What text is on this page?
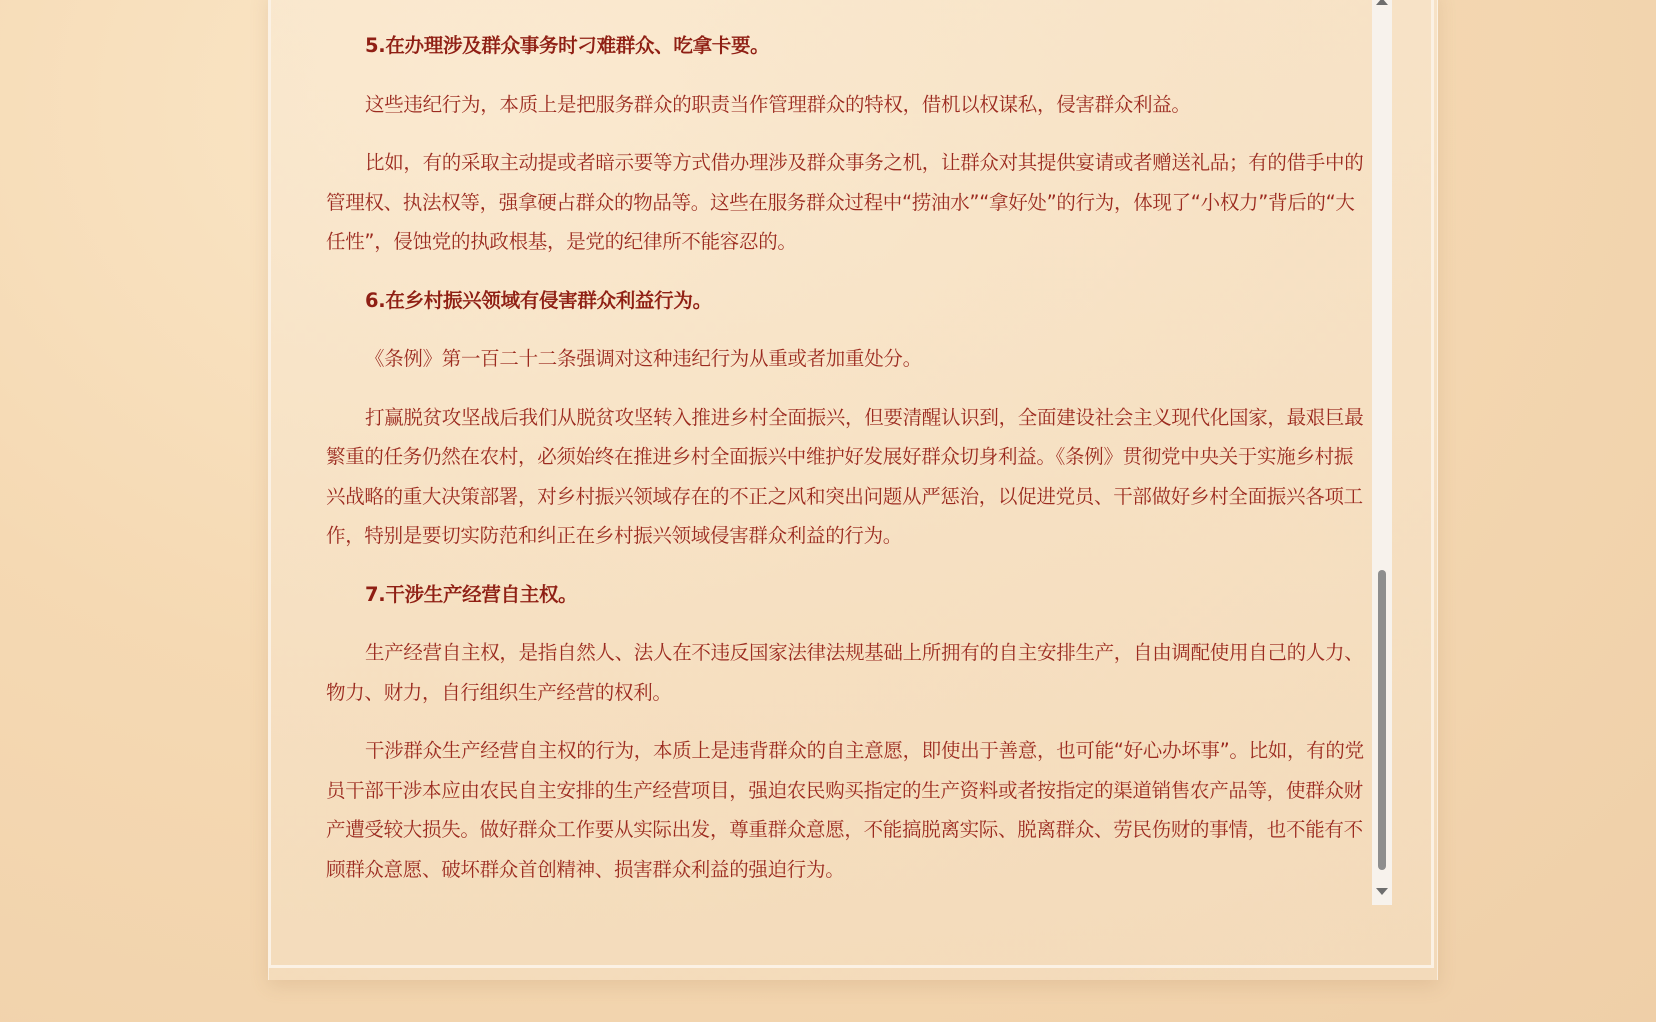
5.在办理涉及群众事务时刁难群众、吃拿卡要。

这些违纪行为，本质上是把服务群众的职责当作管理群众的特权，借机以权谋私，侵害群众利益。

比如，有的采取主动提或者暗示要等方式借办理涉及群众事务之机，让群众对其提供宴请或者赠送礼品；有的借手中的管理权、执法权等，强拿硬占群众的物品等。这些在服务群众过程中“捞油水”“拿好处”的行为，体现了“小权力”背后的“大任性”，侵蚀党的执政根基，是党的纪律所不能容忍的。

6.在乡村振兴领域有侵害群众利益行为。

《条例》第一百二十二条强调对这种违纪行为从重或者加重处分。

打赢脱贫攻坚战后我们从脱贫攻坚转入推进乡村全面振兴，但要清醒认识到，全面建设社会主义现代化国家，最艰巨最繁重的任务仍然在农村，必须始终在推进乡村全面振兴中维护好发展好群众切身利益。《条例》贯彻党中央关于实施乡村振兴战略的重大决策部署，对乡村振兴领域存在的不正之风和突出问题从严惩治，以促进党员、干部做好乡村全面振兴各项工作，特别是要切实防范和纠正在乡村振兴领域侵害群众利益的行为。

7.干涉生产经营自主权。

生产经营自主权，是指自然人、法人在不违反国家法律法规基础上所拥有的自主安排生产，自由调配使用自己的人力、物力、财力，自行组织生产经营的权利。

干涉群众生产经营自主权的行为，本质上是违背群众的自主意愿，即使出于善意，也可能“好心办坏事”。比如，有的党员干部干涉本应由农民自主安排的生产经营项目，强迫农民购买指定的生产资料或者按指定的渠道销售农产品等，使群众财产遭受较大损失。做好群众工作要从实际出发，尊重群众意愿，不能搞脱离实际、脱离群众、劳民伤财的事情，也不能有不顾群众意愿、破坏群众首创精神、损害群众利益的强迫行为。
